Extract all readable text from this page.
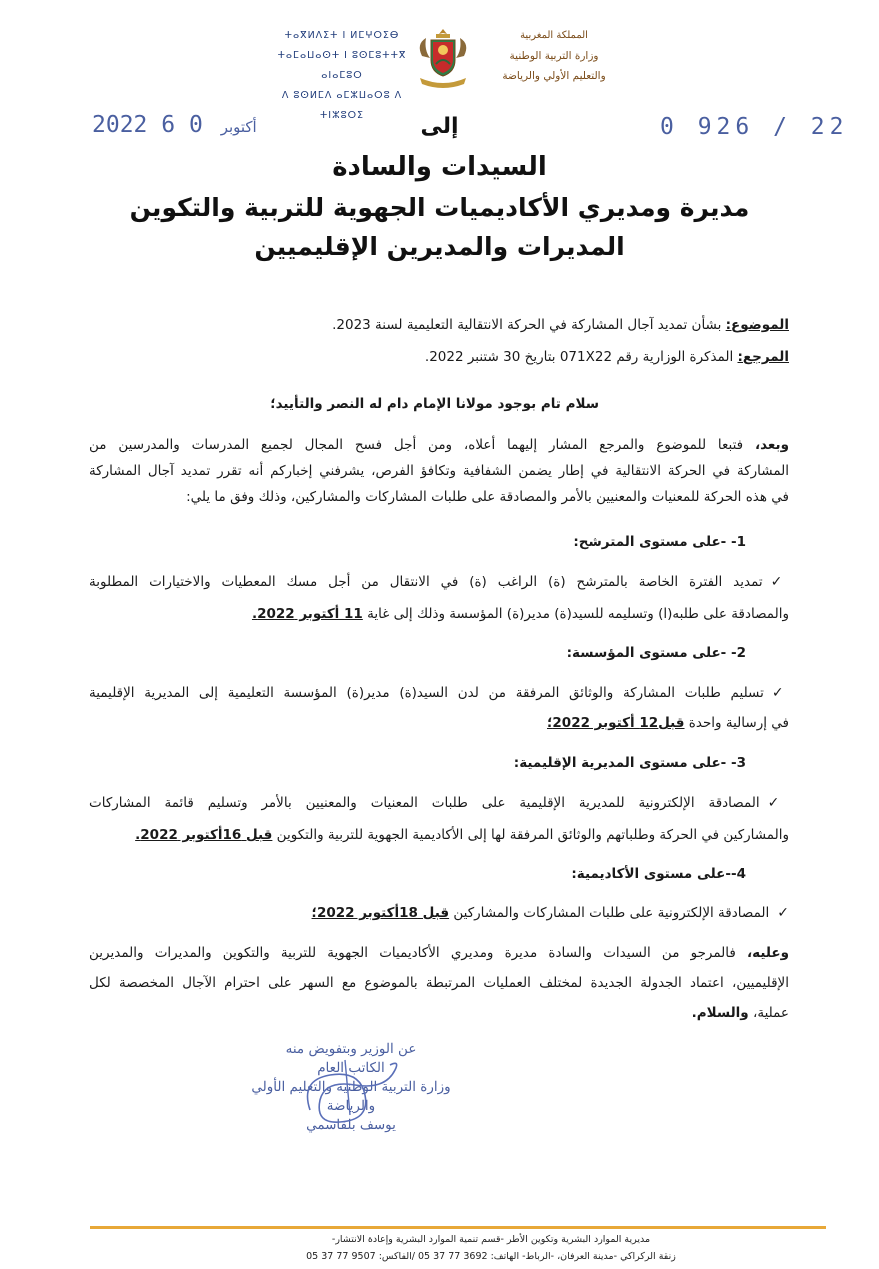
المملكة المغربية
وزارة التربية الوطنية
والتعليم الأولي والرياضة
ⵜⴰⴳⵍⴷⵉⵜ ⵏ ⵍⵎⵖⵔⵉⴱ
ⵜⴰⵎⴰⵡⴰⵙⵜ ⵏ ⵓⵙⵎⵓⵜⵜⴳ ⴰⵏⴰⵎⵓⵔ
ⴷ ⵓⵙⵍⵎⴷ ⴰⵎⵣⵡⴰⵔⵓ ⴷ ⵜⵏⵣⵓⵔⵉ
2022	أكتوبر 0 6	0 926 / 22
إلى
السيدات والسادة
مديرة ومديري الأكاديميات الجهوية للتربية والتكوين
المديرات والمديرين الإقليميين
الموضوع: بشأن تمديد آجال المشاركة في الحركة الانتقالية التعليمية لسنة 2023.
المرجع: المذكرة الوزارية رقم 071X22 بتاريخ 30 شتنبر 2022.
سلام تام بوجود مولانا الإمام دام له النصر والتأييد؛
وبعد، فتبعا للموضوع والمرجع المشار إليهما أعلاه، ومن أجل فسح المجال لجميع المدرسات والمدرسين من
المشاركة في الحركة الانتقالية في إطار يضمن الشفافية وتكافؤ الفرص، يشرفني إخباركم أنه تقرر تمديد آجال المشاركة
في هذه الحركة للمعنيات والمعنيين بالأمر والمصادقة على طلبات المشاركات والمشاركين، وذلك وفق ما يلي:
1- -على مستوى المترشح:
✓تمديد الفترة الخاصة بالمترشح (ة) الراغب (ة) في الانتقال من أجل مسك المعطيات والاختيارات المطلوبة
والمصادقة على طلبه(ا) وتسليمه للسيد(ة) مدير(ة) المؤسسة وذلك إلى غاية 11 أكتوبر 2022.
2- -على مستوى المؤسسة:
✓تسليم طلبات المشاركة والوثائق المرفقة من لدن السيد(ة) مدير(ة) المؤسسة التعليمية إلى المديرية الإقليمية
في إرسالية واحدة قبل12 أكتوبر 2022؛
3- -على مستوى المديرية الإقليمية:
✓المصادقة الإلكترونية للمديرية الإقليمية على طلبات المعنيات والمعنيين بالأمر وتسليم قائمة المشاركات
والمشاركين في الحركة وطلباتهم والوثائق المرفقة لها إلى الأكاديمية الجهوية للتربية والتكوين قبل 16أكتوبر 2022.
4--على مستوى الأكاديمية:
✓المصادقة الإلكترونية على طلبات المشاركات والمشاركين قبل 18أكتوبر 2022؛
وعليه، فالمرجو من السيدات والسادة مديرة ومديري الأكاديميات الجهوية للتربية والتكوين والمديرات والمديرين
الإقليميين، اعتماد الجدولة الجديدة لمختلف العمليات المرتبطة بالموضوع مع السهر على احترام الآجال المخصصة لكل
عملية، والسلام.
عن الوزير وبتفويض منه
الكاتب العام
وزارة التربية الوطنية والتعليم الأولي
والرياضة
يوسف بلقاسمي
مديرية الموارد البشرية وتكوين الأطر -قسم تنمية الموارد البشرية وإعادة الانتشار-
زنقة الركراكي -مدينة العرفان، -الرباط- الهاتف: 3692 77 37 05 /الفاكس: 9507 77 37 05
